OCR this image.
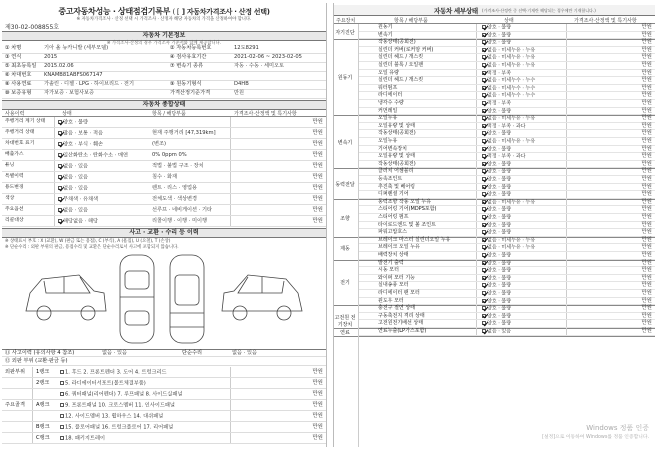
중고자동차성능 · 상태점검기록부 ( [ ] 자동차가격조사 · 산정 선택)
※ 자동차가격조사 · 산정 선택 시 가격조사 · 산정자 해당 자동차의 가격을 산정하여야 합니다.
제30-02-008855호
자동차 기본정보
※ 가격조사·산정의 경우 가격조사 기준서와 함께 제공합니다.
① 차명	기아 올 뉴카니발 (세부모델)	② 자동차등록번호	12도8291
③ 연식	2015	④ 검사유효기간	2021-02-06 ~ 2023-02-05
⑤ 최초등록일 2015.02.06	⑦ 변속기 종류	자동 · 수동 · 세미오토
⑥ 차대번호 KNAMB81ABFS067147
⑧ 사용연료 가솔린 · 디젤 · LPG · 하이브리드 · 전기	⑨ 원동기형식	D4HB
⑩ 보증유형 자가보증 · 보험사보증	가격산정기준가격	만원
자동차 종합상태
사용이력	상태	항목 / 해당부품	가격조사·산정액 및 특기사항
주행거리 계기 상태	양호 · 불량	만원
주행거리 상태	많음 · 보통 · 적음	현재 주행거리 [47,319km]	만원
차대번호 표기	양호 · 부식 · 훼손	(변조)	만원
배출가스	일산화탄소 · 탄화수소 · 매연	0% 0ppm 0%	만원
튜닝	없음 · 있음	적법 · 불법 구조 · 장치	만원
특별이력	없음 · 있음	침수 · 화재	만원
용도변경	없음 · 있음	렌트 · 리스 · 영업용	만원
색상	무채색 · 유채색	전체도색 · 색상변경	만원
주요옵션	없음 · 있음	선루프 · 네비게이션 · 기타	만원
리콜대상	해당없음 · 해당	리콜이행 · 이행 · 미이행	만원
사고 · 교환 · 수리 등 이력
※ 상태표시 부호 : X (교환), W (판금 또는 용접), C (부식), A (흠집), U (요철), T (손상)
※ 단순수리 : 외판 부위의 판금, 용접수리 및 교환은 단순수리로서 사고에 포함되지 않습니다.
⑪ 사고이력 (유의사항 4 참조)	없음 · 있음	단순수리	없음 · 있음
⑫ 외판 부위 (교환·판금 등)
외판부위 1랭크	1. 후드 2. 프론트펜더 3. 도어 4. 트렁크리드	만원
2랭크	5. 라디에이터서포트(볼트체결부품)	만원
6. 쿼터패널(리어펜더) 7. 루프패널 8. 사이드실패널	만원
주요골격 A랭크	9. 프론트패널 10. 크로스멤버 11. 인사이드패널	만원
12. 사이드멤버 13. 휠하우스 14. 대쉬패널	만원
B랭크	15. 플로어패널 16. 트렁크플로어 17. 리어패널	만원
C랭크	18. 패키지트레이	만원
자동차 세부상태 (가격조사·산정란 중 선택·기재란 해당되는 경우에만 기재합니다.)
주요장치	항목 / 해당부품	상태	가격조사·산정액 및 특기사항
자기진단
원동기	양호 · 불량	만원
변속기	양호 · 불량	만원
원동기
작동상태(공회전)	양호 · 불량	만원
실린더 커버(로커암 커버)	없음 · 미세누유 · 누유	만원
실린더 헤드 / 개스킷	없음 · 미세누유 · 누유	만원
실린더 블록 / 오일팬	없음 · 미세누유 · 누유	만원
오일 유량	적정 · 부족	만원
실린더 헤드 / 개스킷	없음 · 미세누수 · 누수	만원
워터펌프	없음 · 미세누수 · 누수	만원
라디에이터	없음 · 미세누수 · 누수	만원
냉각수 수량	적정 · 부족	만원
커먼레일	양호 · 불량	만원
변속기
오일누유	없음 · 미세누유 · 누유	만원
오일유량 및 상태	적정 · 부족 · 과다	만원
작동상태(공회전)	양호 · 불량	만원
오일누유	없음 · 미세누유 · 누유	만원
기어변속장치	양호 · 불량	만원
오일유량 및 상태	적정 · 부족 · 과다	만원
작동상태(공회전)	양호 · 불량	만원
동력전달
클러치 어셈블리	양호 · 불량	만원
등속조인트	양호 · 불량	만원
추진축 및 베어링	양호 · 불량	만원
디퍼렌셜 기어	양호 · 불량	만원
조향
동력조향 작동 오일 누유	없음 · 미세누유 · 누유	만원
스티어링 기어(MDPS포함)	양호 · 불량	만원
스티어링 펌프	양호 · 불량	만원
타이로드엔드 및 볼 조인트	양호 · 불량	만원
파워고압호스	양호 · 불량	만원
제동
브레이크 마스터 실린더오일 누유	없음 · 미세누유 · 누유	만원
브레이크 오일 누유	없음 · 미세누유 · 누유	만원
배력장치 상태	양호 · 불량	만원
전기
발전기 출력	양호 · 불량	만원
시동 모터	양호 · 불량	만원
와이퍼 모터 기능	양호 · 불량	만원
실내송풍 모터	양호 · 불량	만원
라디에이터 팬 모터	양호 · 불량	만원
윈도우 모터	양호 · 불량	만원
고전원 전기장치
충전구 절연 상태	양호 · 불량	만원
구동축전지 격리 상태	양호 · 불량	만원
고전원전기배선 상태	양호 · 불량	만원
연료	연료누출(LP가스포함)	없음 · 있음	만원
Windows 정품 인증
[설정]으로 이동하여 Windows를 정품 인증합니다.
